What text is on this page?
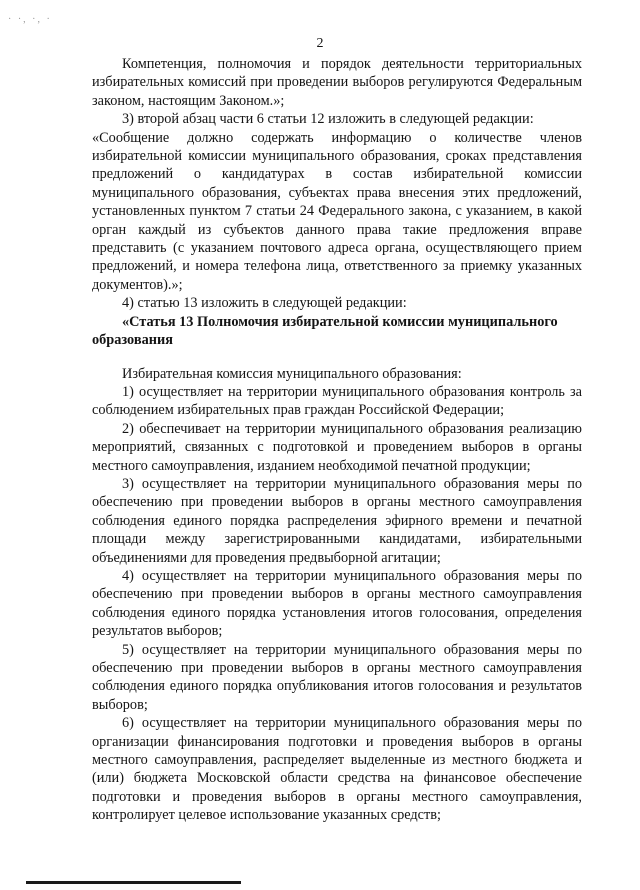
· ·, ·, ·
2

Компетенция, полномочия и порядок деятельности территориальных избирательных комиссий при проведении выборов регулируются Федеральным законом, настоящим Законом.»;

3) второй абзац части 6 статьи 12 изложить в следующей редакции:

«Сообщение должно содержать информацию о количестве членов избирательной комиссии муниципального образования, сроках представления предложений о кандидатурах в состав избирательной комиссии муниципального образования, субъектах права внесения этих предложений, установленных пунктом 7 статьи 24 Федерального закона, с указанием, в какой орган каждый из субъектов данного права такие предложения вправе представить (с указанием почтового адреса органа, осуществляющего прием предложений, и номера телефона лица, ответственного за приемку указанных документов).»;

4) статью 13 изложить в следующей редакции:

«Статья 13 Полномочия избирательной комиссии муниципального образования

Избирательная комиссия муниципального образования:

1) осуществляет на территории муниципального образования контроль за соблюдением избирательных прав граждан Российской Федерации;

2) обеспечивает на территории муниципального образования реализацию мероприятий, связанных с подготовкой и проведением выборов в органы местного самоуправления, изданием необходимой печатной продукции;

3) осуществляет на территории муниципального образования меры по обеспечению при проведении выборов в органы местного самоуправления соблюдения единого порядка распределения эфирного времени и печатной площади между зарегистрированными кандидатами, избирательными объединениями для проведения предвыборной агитации;

4) осуществляет на территории муниципального образования меры по обеспечению при проведении выборов в органы местного самоуправления соблюдения единого порядка установления итогов голосования, определения результатов выборов;

5) осуществляет на территории муниципального образования меры по обеспечению при проведении выборов в органы местного самоуправления соблюдения единого порядка опубликования итогов голосования и результатов выборов;

6) осуществляет на территории муниципального образования меры по организации финансирования подготовки и проведения выборов в органы местного самоуправления, распределяет выделенные из местного бюджета и (или) бюджета Московской области средства на финансовое обеспечение подготовки и проведения выборов в органы местного самоуправления, контролирует целевое использование указанных средств;
